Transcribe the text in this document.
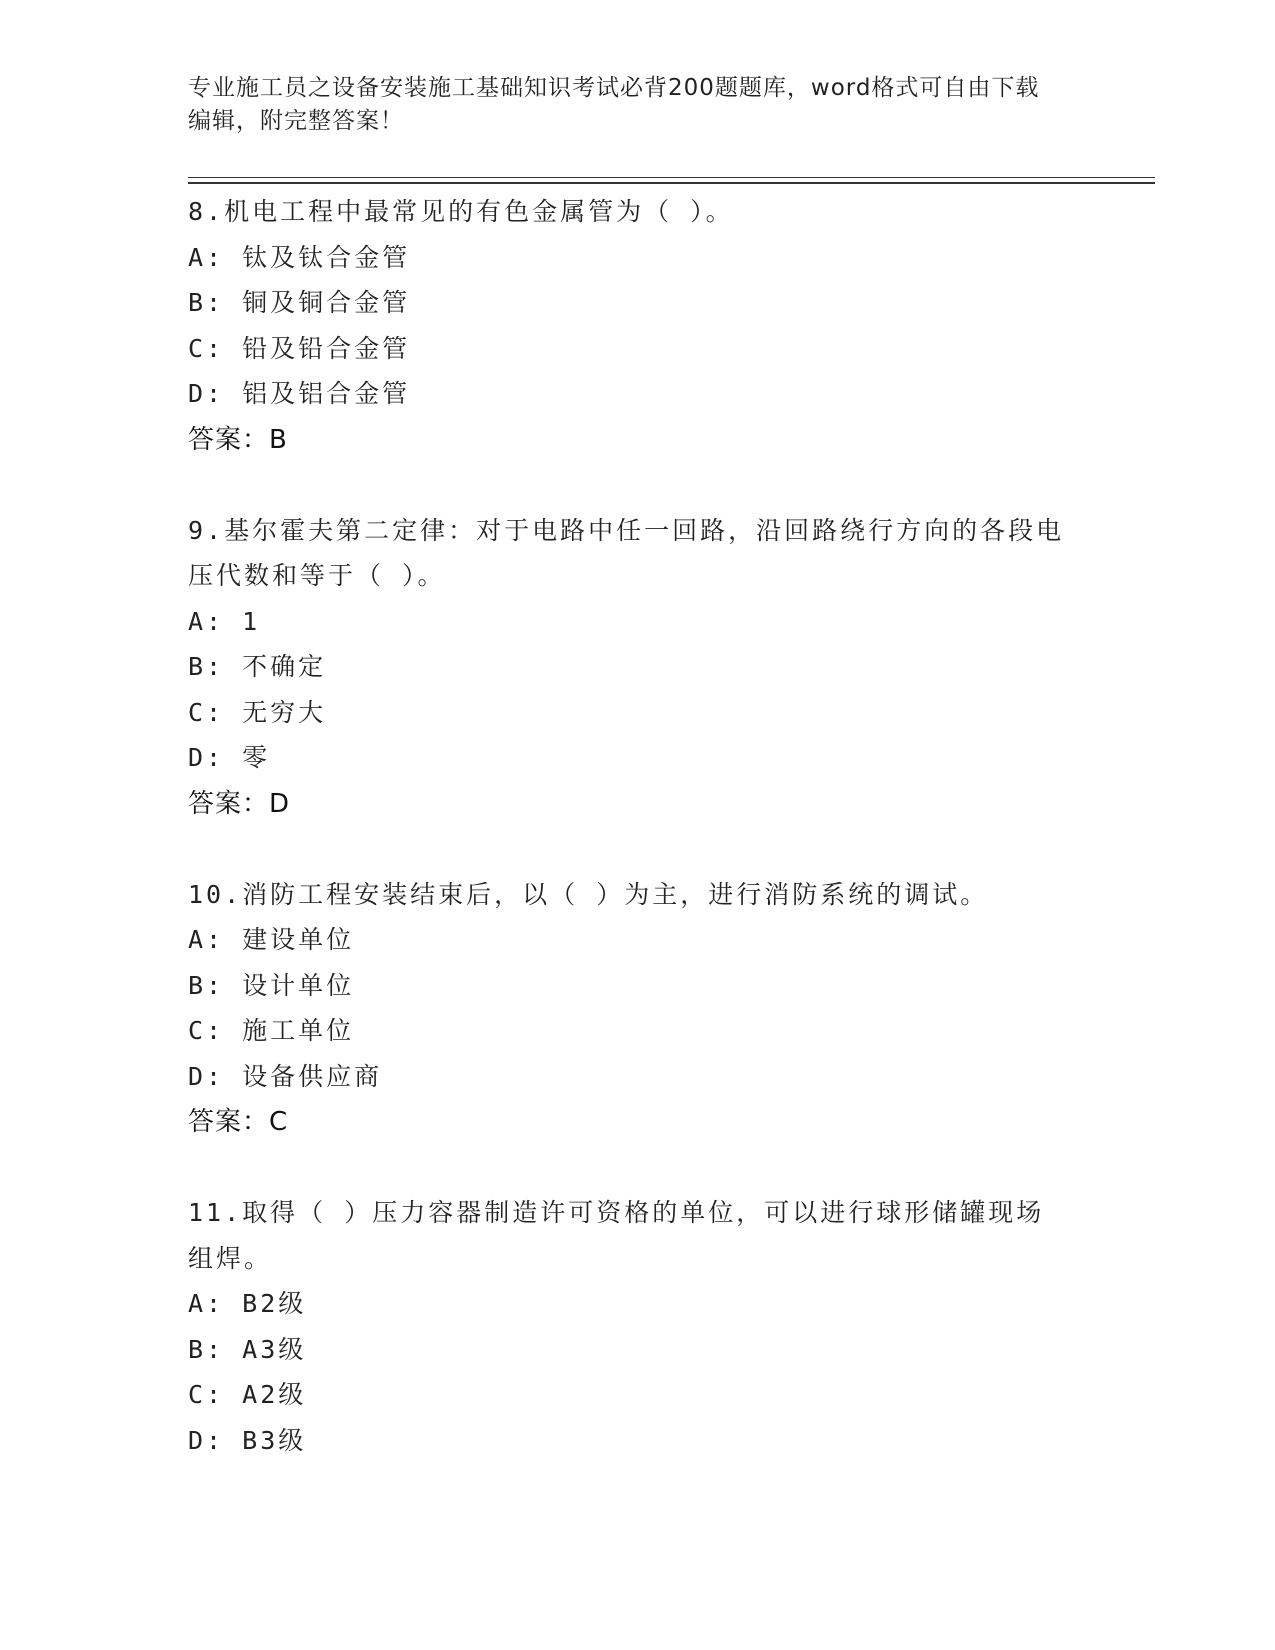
专业施工员之设备安装施工基础知识考试必背200题题库，word格式可自由下载
编辑，附完整答案！
8.机电工程中最常见的有色金属管为（ ）。
A: 钛及钛合金管
B: 铜及铜合金管
C: 铅及铅合金管
D: 铝及铝合金管
答案：B
9.基尔霍夫第二定律：对于电路中任一回路，沿回路绕行方向的各段电压代数和等于（ ）。
A: 1
B: 不确定
C: 无穷大
D: 零
答案：D
10.消防工程安装结束后，以（ ）为主，进行消防系统的调试。
A: 建设单位
B: 设计单位
C: 施工单位
D: 设备供应商
答案：C
11.取得（ ）压力容器制造许可资格的单位，可以进行球形储罐现场组焊。
A: B2级
B: A3级
C: A2级
D: B3级
